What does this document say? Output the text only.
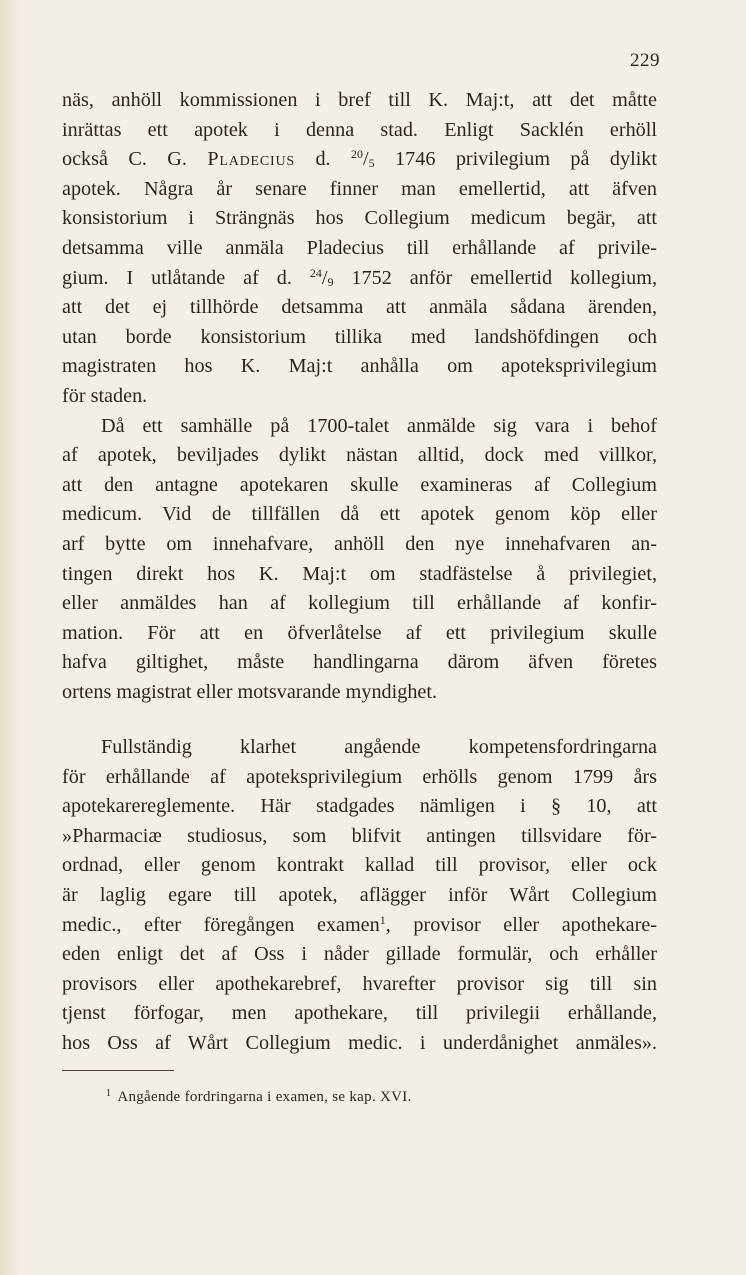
229
näs, anhöll kommissionen i bref till K. Maj:t, att det måtte
inrättas ett apotek i denna stad. Enligt Sacklén erhöll
också C. G. Pladecius d. $^{20}/_5$ 1746 privilegium på dylikt
apotek. Några år senare finner man emellertid, att äfven
konsistorium i Strängnäs hos Collegium medicum begär, att
detsamma ville anmäla Pladecius till erhållande af privile-
gium. I utlåtande af d. $^{24}/_9$ 1752 anför emellertid kollegium,
att det ej tillhörde detsamma att anmäla sådana ärenden,
utan borde konsistorium tillika med landshöfdingen och
magistraten hos K. Maj:t anhålla om apoteksprivilegium
för staden.
Då ett samhälle på 1700-talet anmälde sig vara i behof
af apotek, beviljades dylikt nästan alltid, dock med villkor,
att den antagne apotekaren skulle examineras af Collegium
medicum. Vid de tillfällen då ett apotek genom köp eller
arf bytte om innehafvare, anhöll den nye innehafvaren an-
tingen direkt hos K. Maj:t om stadfästelse å privilegiet,
eller anmäldes han af kollegium till erhållande af konfir-
mation. För att en öfverlåtelse af ett privilegium skulle
hafva giltighet, måste handlingarna därom äfven företes
ortens magistrat eller motsvarande myndighet.
Fullständig klarhet angående kompetensfordringarna
för erhållande af apoteksprivilegium erhölls genom 1799 års
apotekarereglemente. Här stadgades nämligen i § 10, att
»Pharmaciæ studiosus, som blifvit antingen tillsvidare för-
ordnad, eller genom kontrakt kallad till provisor, eller ock
är laglig egare till apotek, aflägger inför Wårt Collegium
medic., efter föregången examen$^1$, provisor eller apothekare-
eden enligt det af Oss i nåder gillade formulär, och erhåller
provisors eller apothekarebref, hvarefter provisor sig till sin
tjenst förfogar, men apothekare, till privilegii erhållande,
hos Oss af Wårt Collegium medic. i underdånighet anmäles».
$^1$ Angående fordringarna i examen, se kap. XVI.
